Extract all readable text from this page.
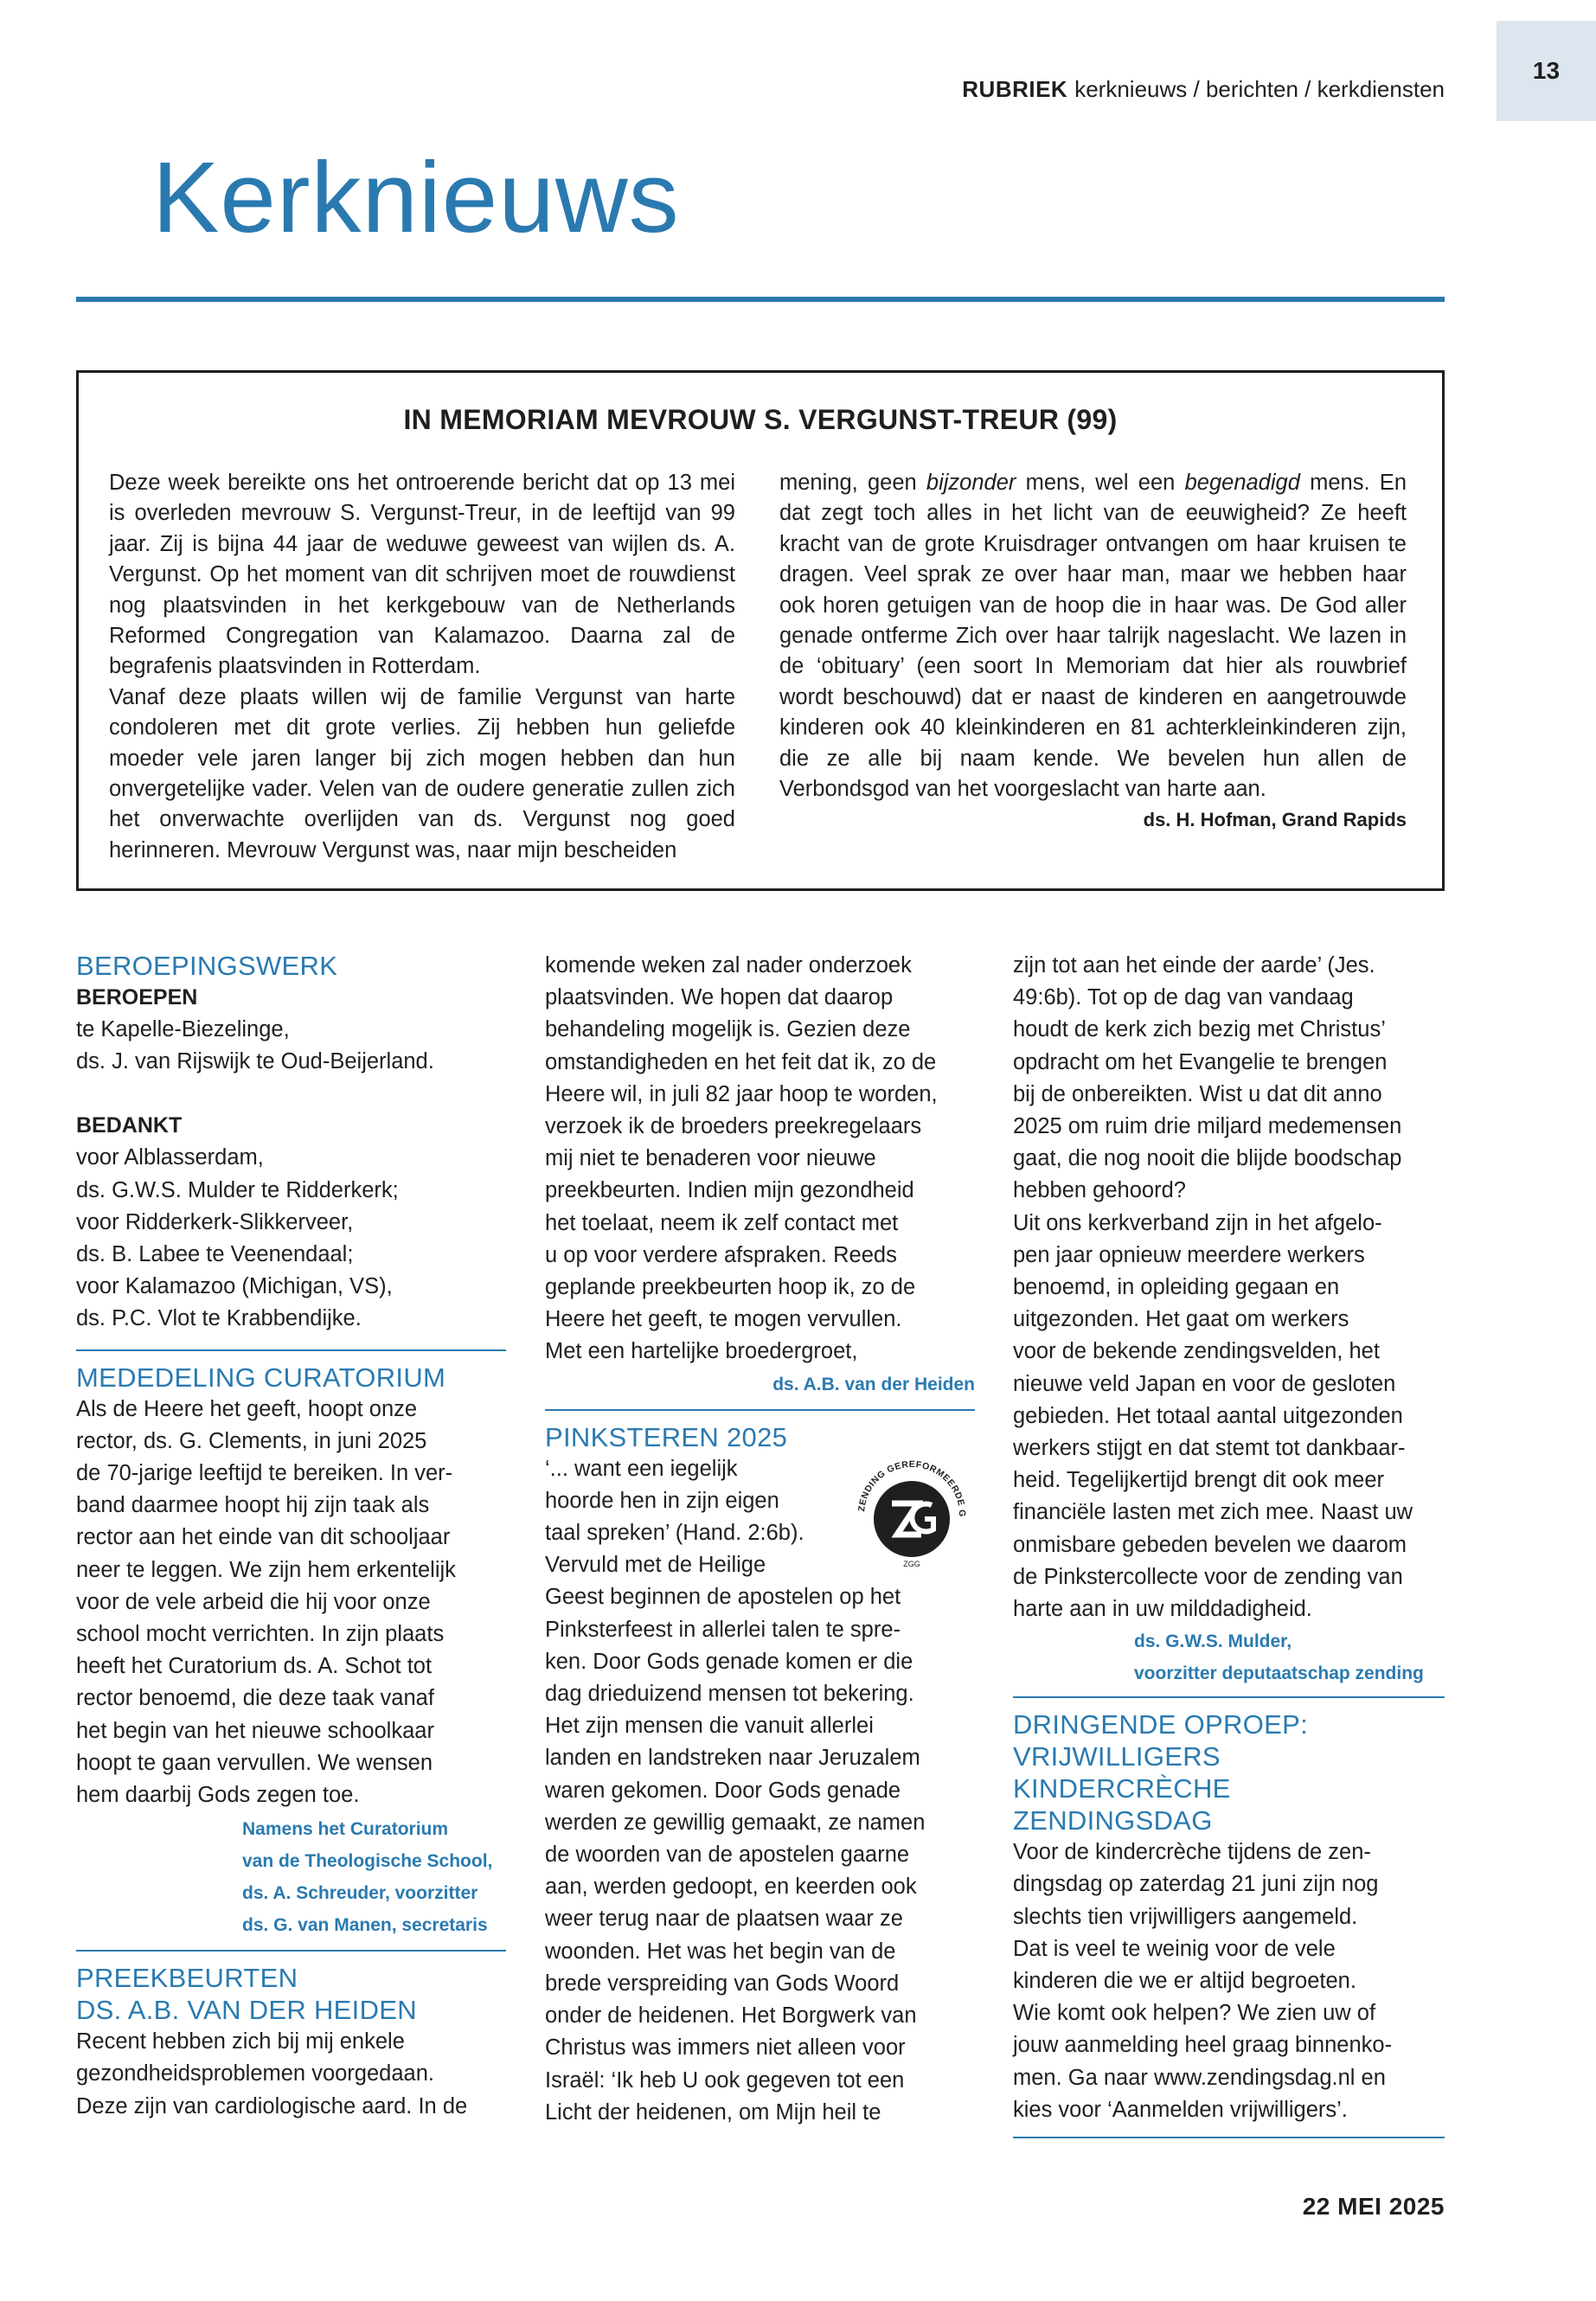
13
RUBRIEK kerknieuws / berichten / kerkdiensten
Kerknieuws
IN MEMORIAM MEVROUW S. VERGUNST-TREUR (99)

Deze week bereikte ons het ontroerende bericht dat op 13 mei is overleden mevrouw S. Vergunst-Treur, in de leeftijd van 99 jaar. Zij is bijna 44 jaar de weduwe geweest van wijlen ds. A. Vergunst. Op het moment van dit schrijven moet de rouwdienst nog plaatsvinden in het kerkgebouw van de Netherlands Reformed Congregation van Kalamazoo. Daarna zal de begrafenis plaatsvinden in Rotterdam.

Vanaf deze plaats willen wij de familie Vergunst van harte condoleren met dit grote verlies. Zij hebben hun geliefde moeder vele jaren langer bij zich mogen hebben dan hun onvergetelijke vader. Velen van de oudere generatie zullen zich het onverwachte overlijden van ds. Vergunst nog goed herinneren. Mevrouw Vergunst was, naar mijn bescheiden

mening, geen bijzonder mens, wel een begenadigd mens. En dat zegt toch alles in het licht van de eeuwigheid? Ze heeft kracht van de grote Kruisdrager ontvangen om haar kruisen te dragen. Veel sprak ze over haar man, maar we hebben haar ook horen getuigen van de hoop die in haar was. De God aller genade ontferme Zich over haar talrijk nageslacht. We lazen in de ‘obituary’ (een soort In Memoriam dat hier als rouwbrief wordt beschouwd) dat er naast de kinderen en aangetrouwde kinderen ook 40 kleinkinderen en 81 achterkleinkinderen zijn, die ze alle bij naam kende. We bevelen hun allen de Verbondsgod van het voorgeslacht van harte aan.

ds. H. Hofman, Grand Rapids
BEROEPINGSWERK
BEROEPEN
te Kapelle-Biezelinge,
ds. J. van Rijswijk te Oud-Beijerland.
BEDANKT
voor Alblasserdam,
ds. G.W.S. Mulder te Ridderkerk;
voor Ridderkerk-Slikkerveer,
ds. B. Labee te Veenendaal;
voor Kalamazoo (Michigan, VS),
ds. P.C. Vlot te Krabbendijke.
MEDEDELING CURATORIUM
Als de Heere het geeft, hoopt onze
rector, ds. G. Clements, in juni 2025
de 70-jarige leeftijd te bereiken. In ver-
band daarmee hoopt hij zijn taak als
rector aan het einde van dit schooljaar
neer te leggen. We zijn hem erkentelijk
voor de vele arbeid die hij voor onze
school mocht verrichten. In zijn plaats
heeft het Curatorium ds. A. Schot tot
rector benoemd, die deze taak vanaf
het begin van het nieuwe schoolkaar
hoopt te gaan vervullen. We wensen
hem daarbij Gods zegen toe.
Namens het Curatorium
van de Theologische School,
ds. A. Schreuder, voorzitter
ds. G. van Manen, secretaris
PREEKBEURTEN
DS. A.B. VAN DER HEIDEN
Recent hebben zich bij mij enkele
gezondheidsproblemen voorgedaan.
Deze zijn van cardiologische aard. In de
komende weken zal nader onderzoek
plaatsvinden. We hopen dat daarop
behandeling mogelijk is. Gezien deze
omstandigheden en het feit dat ik, zo de
Heere wil, in juli 82 jaar hoop te worden,
verzoek ik de broeders preekregelaars
mij niet te benaderen voor nieuwe
preekbeurten. Indien mijn gezondheid
het toelaat, neem ik zelf contact met
u op voor verdere afspraken. Reeds
geplande preekbeurten hoop ik, zo de
Heere het geeft, te mogen vervullen.
Met een hartelijke broedergroet,
ds. A.B. van der Heiden
PINKSTEREN 2025
ZENDING GEREFORMEERDE G
ZGG
‘... want een iegelijk
hoorde hen in zijn eigen
taal spreken’ (Hand. 2:6b).
Vervuld met de Heilige
Geest beginnen de apostelen op het
Pinksterfeest in allerlei talen te spre-
ken. Door Gods genade komen er die
dag drieduizend mensen tot bekering.
Het zijn mensen die vanuit allerlei
landen en landstreken naar Jeruzalem
waren gekomen. Door Gods genade
werden ze gewillig gemaakt, ze namen
de woorden van de apostelen gaarne
aan, werden gedoopt, en keerden ook
weer terug naar de plaatsen waar ze
woonden. Het was het begin van de
brede verspreiding van Gods Woord
onder de heidenen. Het Borgwerk van
Christus was immers niet alleen voor
Israël: ‘Ik heb U ook gegeven tot een
Licht der heidenen, om Mijn heil te
zijn tot aan het einde der aarde’ (Jes.
49:6b). Tot op de dag van vandaag
houdt de kerk zich bezig met Christus’
opdracht om het Evangelie te brengen
bij de onbereikten. Wist u dat dit anno
2025 om ruim drie miljard medemensen
gaat, die nog nooit die blijde boodschap
hebben gehoord?
Uit ons kerkverband zijn in het afgelo-
pen jaar opnieuw meerdere werkers
benoemd, in opleiding gegaan en
uitgezonden. Het gaat om werkers
voor de bekende zendingsvelden, het
nieuwe veld Japan en voor de gesloten
gebieden. Het totaal aantal uitgezonden
werkers stijgt en dat stemt tot dankbaar-
heid. Tegelijkertijd brengt dit ook meer
financiële lasten met zich mee. Naast uw
onmisbare gebeden bevelen we daarom
de Pinkstercollecte voor de zending van
harte aan in uw milddadigheid.
ds. G.W.S. Mulder,
voorzitter deputaatschap zending
DRINGENDE OPROEP:
VRIJWILLIGERS KINDERCRÈCHE
ZENDINGSDAG
Voor de kindercrèche tijdens de zen-
dingsdag op zaterdag 21 juni zijn nog
slechts tien vrijwilligers aangemeld.
Dat is veel te weinig voor de vele
kinderen die we er altijd begroeten.
Wie komt ook helpen? We zien uw of
jouw aanmelding heel graag binnenko-
men. Ga naar www.zendingsdag.nl en
kies voor ‘Aanmelden vrijwilligers’.
22 MEI 2025
